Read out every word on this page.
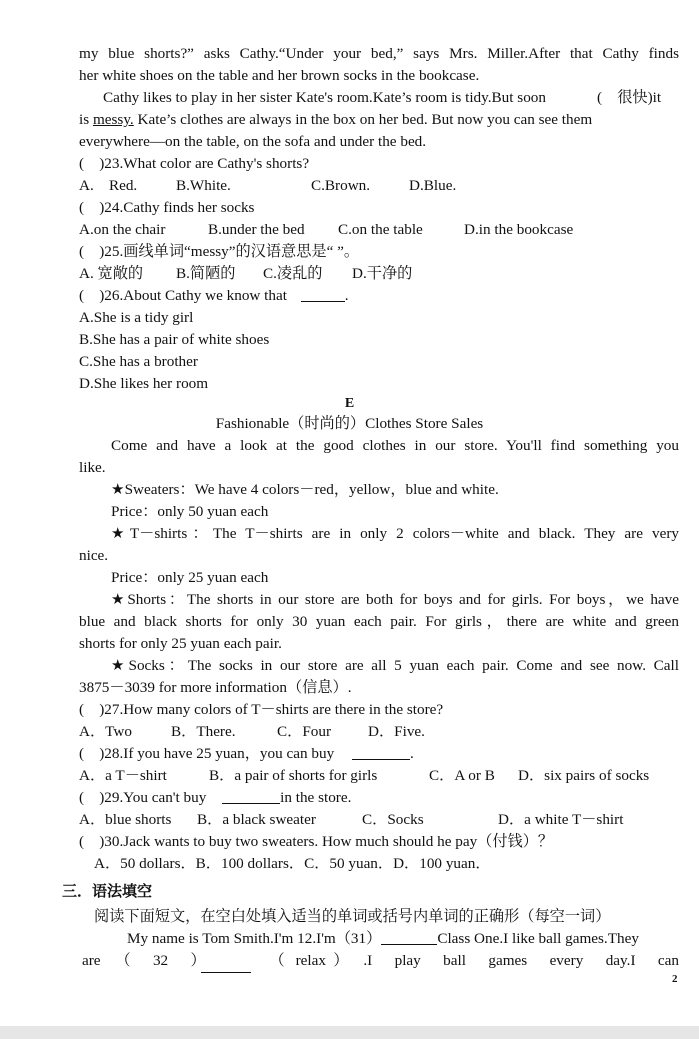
my blue shorts?” asks Cathy.“Under your bed,” says Mrs. Miller.After that Cathy finds
her white shoes on the table and her brown socks in the bookcase.
Cathy likes to play in her sister Kate's room.Kate’s room is tidy.But soon	(　很快)it
is messy. Kate’s clothes are always in the box on her bed. But now you can see them
everywhere—on the table, on the sofa and under the bed.
(　)23.What color are Cathy's shorts?
A.　Red.	B.White.	C.Brown.	D.Blue.
(　)24.Cathy finds her socks
A.on the chair	B.under the bed C.on the table	D.in the bookcase
(　)25.画线单词“messy”的汉语意思是“ ”。
A. 宽敞的 B.简陋的 C.凌乱的 D.干净的
(　)26.About Cathy we know that	.
A.She is a tidy girl
B.She has a pair of white shoes
C.She has a brother
D.She likes her room
E
Fashionable（时尚的）Clothes Store Sales
Come and have a look at the good clothes in our store. You'll find something you
like.
★Sweaters：We have 4 colors－red，yellow，blue and white.
Price：only 50 yuan each
★T－shirts：The T－shirts are in only 2 colors－white and black. They are very
nice.
Price：only 25 yuan each
★Shorts：The shorts in our store are both for boys and for girls. For boys，we have
blue and black shorts for only 30 yuan each pair. For girls，there are white and green
shorts for only 25 yuan each pair.
★Socks：The socks in our store are all 5 yuan each pair. Come and see now. Call
3875－3039 for more information（信息）.
(　)27.How many colors of T－shirts are there in the store?
A．Two	B．There.	C．Four D．Five.
(　)28.If you have 25 yuan，you can buy	.
A．a T－shirt	B．a pair of shorts for girls	C．A or B D．six pairs of socks
(　)29.You can't buy	in the store.
A．blue shorts B．a black sweater	C．Socks	D．a white T－shirt
(　)30.Jack wants to buy two sweaters. How much should he pay（付钱）？
A．50 dollars．B．100 dollars．C．50 yuan．D．100 yuan．
三．语法填空
阅读下面短文，在空白处填入适当的单词或括号内单词的正确形（每空一词）
My name is Tom Smith.I'm 12.I'm（31）	Class One.I like ball games.They
are　（　32　）　　　　（ relax ）　.I　play　ball　games　every　day.I　can
2
